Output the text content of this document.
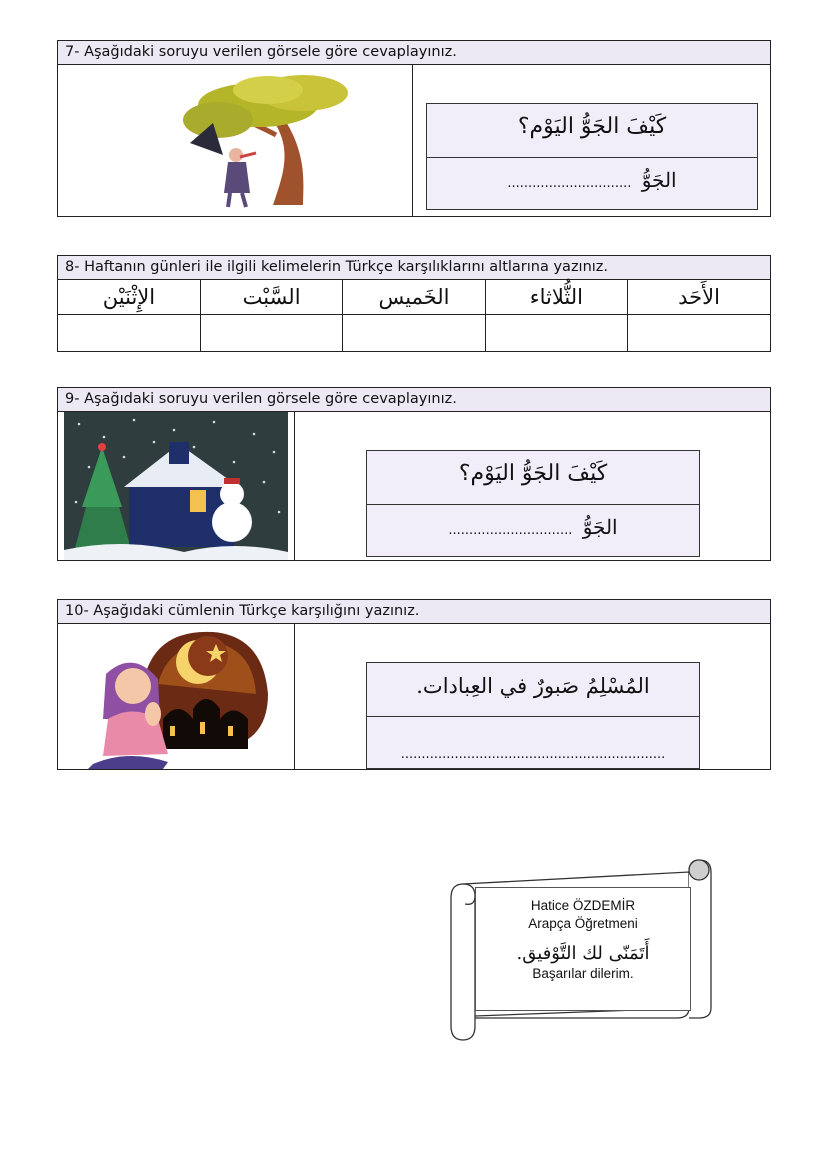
7- Aşağıdaki soruyu verilen görsele göre cevaplayınız.
كَيْفَ الجَوُّ اليَوْم؟
.............................. الجَوُّ
8- Haftanın günleri ile ilgili kelimelerin Türkçe karşılıklarını altlarına yazınız.
الإِثْنَيْن	السَّبْت	الخَميس	الثُّلاثاء	الأَحَد

9- Aşağıdaki soruyu verilen görsele göre cevaplayınız.
كَيْفَ الجَوُّ اليَوْم؟
.............................. الجَوُّ
10- Aşağıdaki cümlenin Türkçe karşılığını yazınız.
المُسْلِمُ صَبورٌ في العِبادات.
................................................................
Hatice ÖZDEMİR
Arapça Öğretmeni
أَتَمَنّى لك التَّوْفيق.
Başarılar dilerim.
